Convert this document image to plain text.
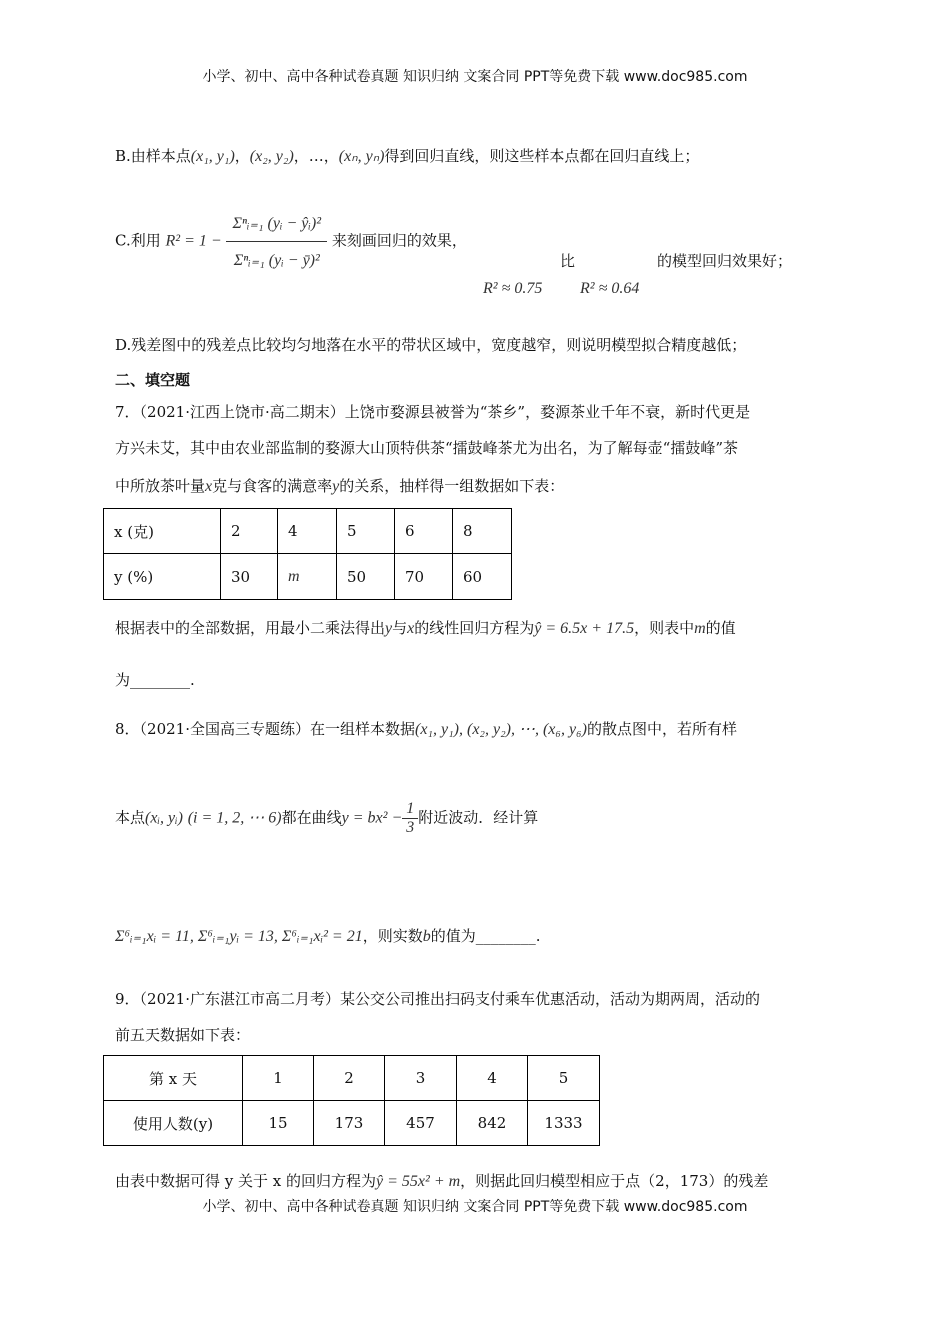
小学、初中、高中各种试卷真题 知识归纳 文案合同 PPT等免费下载 www.doc985.com
B.由样本点(x₁, y₁)，(x₂, y₂)，…，(xₙ, yₙ)得到回归直线，则这些样本点都在回归直线上；
C.利用 $R^2 = 1 - \frac{\text{Σⁿᵢ₌₁ (yᵢ − ŷᵢ)²}}{\text{Σⁿᵢ₌₁ (yᵢ − ȳ)²}}$ 来刻画回归的效果，
比	的模型回归效果好；
R² ≈ 0.75 R² ≈ 0.64
D.残差图中的残差点比较均匀地落在水平的带状区域中，宽度越窄，则说明模型拟合精度越低；
二、填空题
7．（2021·江西上饶市·高二期末）上饶市婺源县被誉为“茶乡”，婺源茶业千年不衰，新时代更是
方兴未艾，其中由农业部监制的婺源大山顶特供茶“擂鼓峰茶尤为出名，为了解每壶“擂鼓峰”茶
中所放茶叶量x克与食客的满意率y的关系，抽样得一组数据如下表：
x (克)	2	4	5	6	8
y (%)	30	m	50	70	60
根据表中的全部数据，用最小二乘法得出y与x的线性回归方程为ŷ = 6.5x + 17.5，则表中m的值
为________.
8．（2021·全国高三专题练）在一组样本数据(x₁, y₁), (x₂, y₂), ⋯, (x₆, y₆)的散点图中，若所有样
本点(xᵢ, yᵢ) (i = 1, 2, ⋯ 6)都在曲线$y = bx^2 - \frac{1}{3}$ 附近波动．经计算
Σ⁶ᵢ₌₁xᵢ = 11, Σ⁶ᵢ₌₁yᵢ = 13, Σ⁶ᵢ₌₁xᵢ² = 21，则实数b的值为________.
9．（2021·广东湛江市高二月考）某公交公司推出扫码支付乘车优惠活动，活动为期两周，活动的
前五天数据如下表：
第 x 天	1	2	3	4	5
使用人数(y)	15	173	457	842	1333
由表中数据可得 y 关于 x 的回归方程为ŷ = 55x² + m，则据此回归模型相应于点（2，173）的残差
小学、初中、高中各种试卷真题 知识归纳 文案合同 PPT等免费下载 www.doc985.com
